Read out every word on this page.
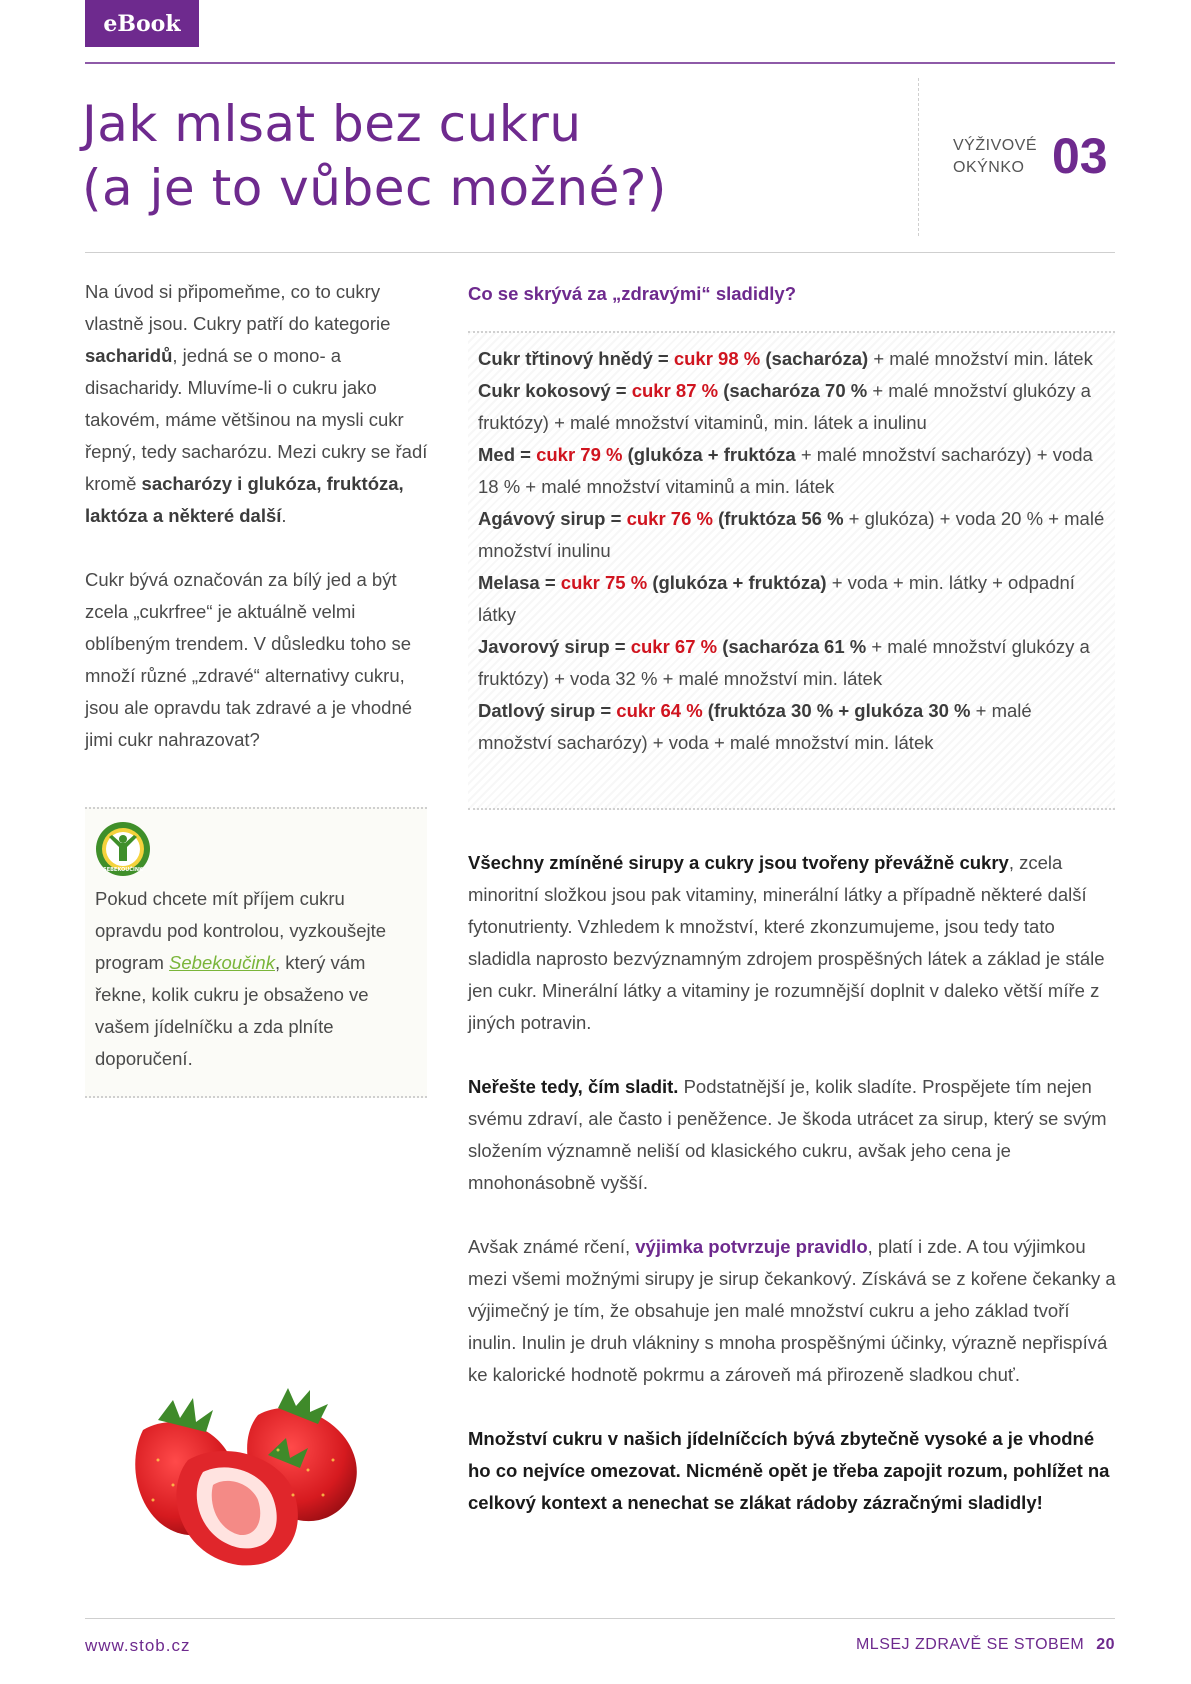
eBook
Jak mlsat bez cukru
(a je to vůbec možné?)
VÝŽIVOVÉ
OKÝNKO 03

Na úvod si připomeňme, co to cukry vlastně jsou. Cukry patří do kategorie sacharidů, jedná se o mono- a disacharidy. Mluvíme-li o cukru jako takovém, máme většinou na mysli cukr řepný, tedy sacharózu. Mezi cukry se řadí kromě sacharózy i glukóza, fruktóza, laktóza a některé další.

Cukr bývá označován za bílý jed a být zcela „cukrfree“ je aktuálně velmi oblíbeným trendem. V důsledku toho se množí různé „zdravé“ alternativy cukru, jsou ale opravdu tak zdravé a je vhodné jimi cukr nahrazovat?

SEBEKOUČINK

Pokud chcete mít příjem cukru opravdu pod kontrolou, vyzkoušejte program Sebekoučink, který vám řekne, kolik cukru je obsaženo ve vašem jídelníčku a zda plníte doporučení.

Co se skrývá za „zdravými“ sladidly?
Cukr třtinový hnědý = cukr 98 % (sacharóza) + malé množství min. látek
Cukr kokosový = cukr 87 % (sacharóza 70 % + malé množství glukózy a fruktózy) + malé množství vitaminů, min. látek a inulinu
Med = cukr 79 % (glukóza + fruktóza + malé množství sacharózy) + voda 18 % + malé množství vitaminů a min. látek
Agávový sirup = cukr 76 % (fruktóza 56 % + glukóza) + voda 20 % + malé množství inulinu
Melasa = cukr 75 % (glukóza + fruktóza) + voda + min. látky + odpadní látky
Javorový sirup = cukr 67 % (sacharóza 61 % + malé množství glukózy a fruktózy) + voda 32 % + malé množství min. látek
Datlový sirup = cukr 64 % (fruktóza 30 % + glukóza 30 % + malé množství sacharózy) + voda + malé množství min. látek

Všechny zmíněné sirupy a cukry jsou tvořeny převážně cukry, zcela minoritní složkou jsou pak vitaminy, minerální látky a případně některé další fytonutrienty. Vzhledem k množství, které zkonzumujeme, jsou tedy tato sladidla naprosto bezvýznamným zdrojem prospěšných látek a základ je stále jen cukr. Minerální látky a vitaminy je rozumnější doplnit v daleko větší míře z jiných potravin.

Neřešte tedy, čím sladit. Podstatnější je, kolik sladíte. Prospějete tím nejen svému zdraví, ale často i peněžence. Je škoda utrácet za sirup, který se svým složením významně neliší od klasického cukru, avšak jeho cena je mnohonásobně vyšší.

Avšak známé rčení, výjimka potvrzuje pravidlo, platí i zde. A tou výjimkou mezi všemi možnými sirupy je sirup čekankový. Získává se z kořene čekanky a výjimečný je tím, že obsahuje jen malé množství cukru a jeho základ tvoří inulin. Inulin je druh vlákniny s mnoha prospěšnými účinky, výrazně nepřispívá ke kalorické hodnotě pokrmu a zároveň má přirozeně sladkou chuť.

Množství cukru v našich jídelníčcích bývá zbytečně vysoké a je vhodné ho co nejvíce omezovat. Nicméně opět je třeba zapojit rozum, pohlížet na celkový kontext a nenechat se zlákat rádoby zázračnými sladidly!

www.stob.cz	MLSEJ ZDRAVĚ SE STOBEM 20
